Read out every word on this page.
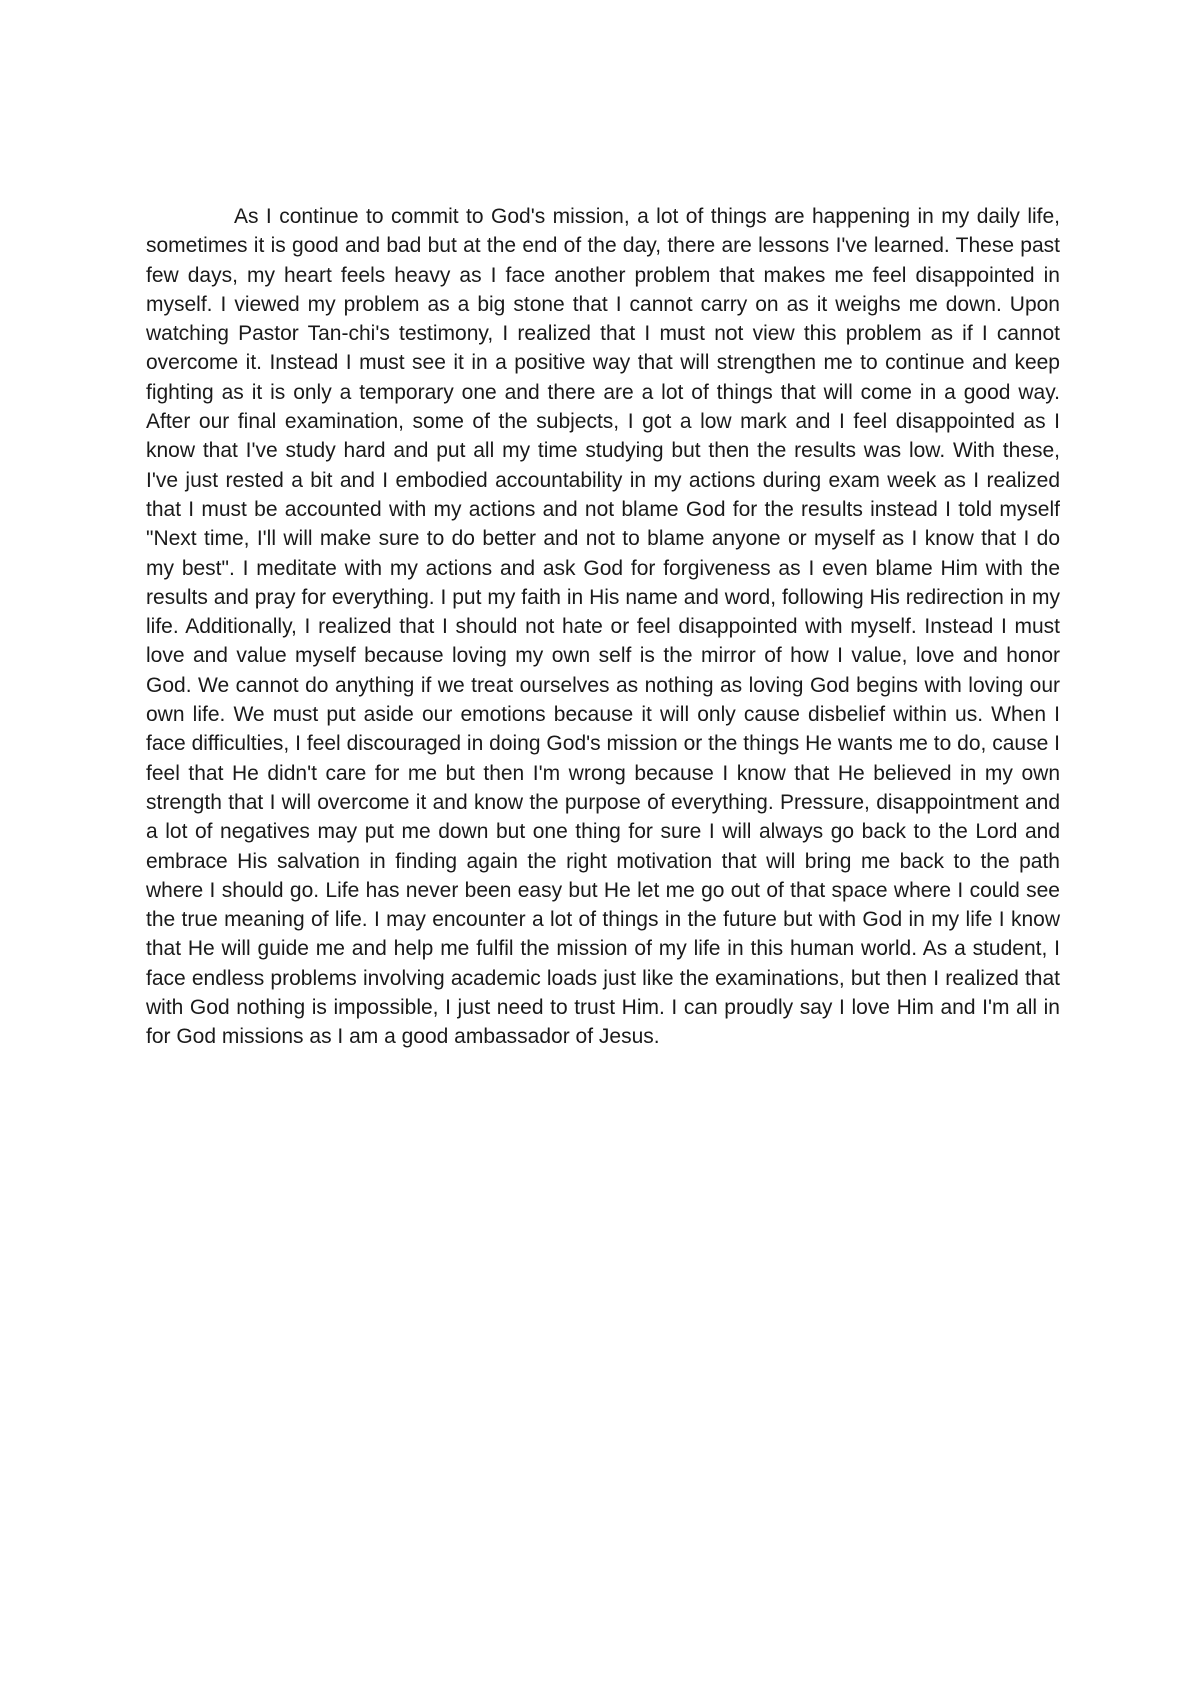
As I continue to commit to God's mission, a lot of things are happening in my daily life, sometimes it is good and bad but at the end of the day, there are lessons I've learned. These past few days, my heart feels heavy as I face another problem that makes me feel disappointed in myself. I viewed my problem as a big stone that I cannot carry on as it weighs me down. Upon watching Pastor Tan-chi's testimony, I realized that I must not view this problem as if I cannot overcome it. Instead I must see it in a positive way that will strengthen me to continue and keep fighting as it is only a temporary one and there are a lot of things that will come in a good way. After our final examination, some of the subjects, I got a low mark and I feel disappointed as I know that I've study hard and put all my time studying but then the results was low. With these, I've just rested a bit and I embodied accountability in my actions during exam week as I realized that I must be accounted with my actions and not blame God for the results instead I told myself "Next time, I'll will make sure to do better and not to blame anyone or myself as I know that I do my best". I meditate with my actions and ask God for forgiveness as I even blame Him with the results and pray for everything. I put my faith in His name and word, following His redirection in my life. Additionally, I realized that I should not hate or feel disappointed with myself. Instead I must love and value myself because loving my own self is the mirror of how I value, love and honor God. We cannot do anything if we treat ourselves as nothing as loving God begins with loving our own life. We must put aside our emotions because it will only cause disbelief within us. When I face difficulties, I feel discouraged in doing God's mission or the things He wants me to do, cause I feel that He didn't care for me but then I'm wrong because I know that He believed in my own strength that I will overcome it and know the purpose of everything. Pressure, disappointment and a lot of negatives may put me down but one thing for sure I will always go back to the Lord and embrace His salvation in finding again the right motivation that will bring me back to the path where I should go. Life has never been easy but He let me go out of that space where I could see the true meaning of life. I may encounter a lot of things in the future but with God in my life I know that He will guide me and help me fulfil the mission of my life in this human world. As a student, I face endless problems involving academic loads just like the examinations, but then I realized that with God nothing is impossible, I just need to trust Him. I can proudly say I love Him and I'm all in for God missions as I am a good ambassador of Jesus.
